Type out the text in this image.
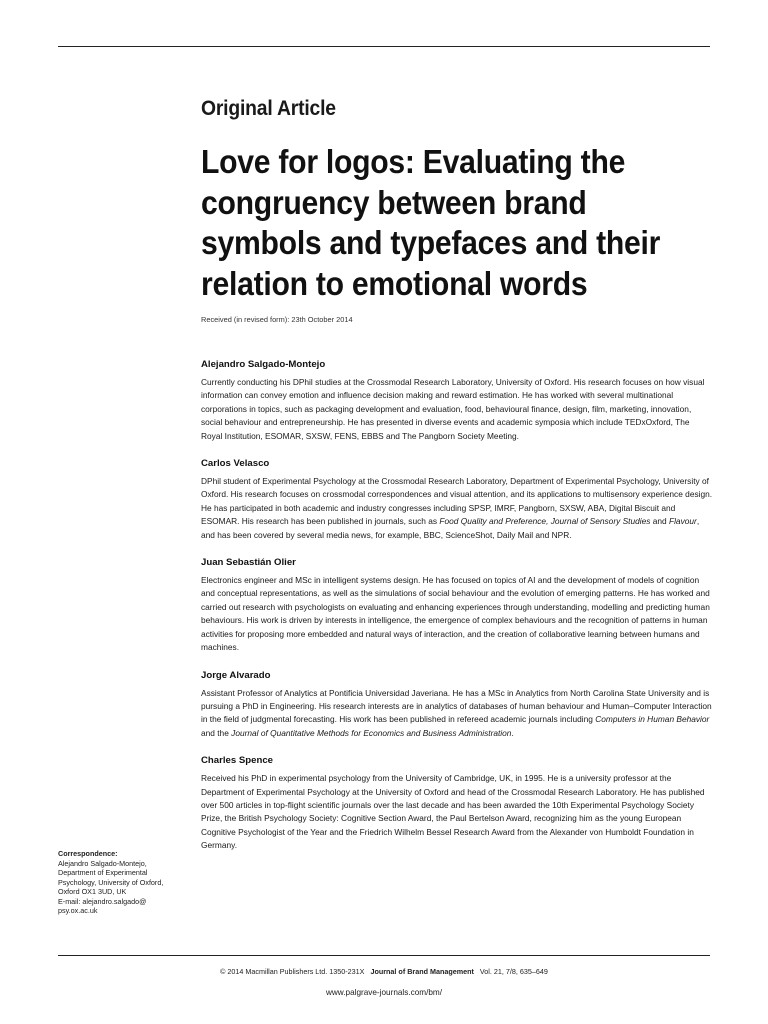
Original Article
Love for logos: Evaluating the congruency between brand symbols and typefaces and their relation to emotional words
Received (in revised form): 23th October 2014
Alejandro Salgado-Montejo

Currently conducting his DPhil studies at the Crossmodal Research Laboratory, University of Oxford. His research focuses on how visual information can convey emotion and influence decision making and reward estimation. He has worked with several multinational corporations in topics, such as packaging development and evaluation, food, behavioural finance, design, film, marketing, innovation, social behaviour and entrepreneurship. He has presented in diverse events and academic symposia which include TEDxOxford, The Royal Institution, ESOMAR, SXSW, FENS, EBBS and The Pangborn Society Meeting.

Carlos Velasco

DPhil student of Experimental Psychology at the Crossmodal Research Laboratory, Department of Experimental Psychology, University of Oxford. His research focuses on crossmodal correspondences and visual attention, and its applications to multisensory experience design. He has participated in both academic and industry congresses including SPSP, IMRF, Pangborn, SXSW, ABA, Digital Biscuit and ESOMAR. His research has been published in journals, such as Food Quality and Preference, Journal of Sensory Studies and Flavour, and has been covered by several media news, for example, BBC, ScienceShot, Daily Mail and NPR.

Juan Sebastián Olier

Electronics engineer and MSc in intelligent systems design. He has focused on topics of AI and the development of models of cognition and conceptual representations, as well as the simulations of social behaviour and the evolution of emerging patterns. He has worked and carried out research with psychologists on evaluating and enhancing experiences through understanding, modelling and predicting human behaviours. His work is driven by interests in intelligence, the emergence of complex behaviours and the recognition of patterns in human activities for proposing more embedded and natural ways of interaction, and the creation of collaborative learning between humans and machines.

Jorge Alvarado

Assistant Professor of Analytics at Pontificia Universidad Javeriana. He has a MSc in Analytics from North Carolina State University and is pursuing a PhD in Engineering. His research interests are in analytics of databases of human behaviour and Human–Computer Interaction in the field of judgmental forecasting. His work has been published in refereed academic journals including Computers in Human Behavior and the Journal of Quantitative Methods for Economics and Business Administration.

Charles Spence

Received his PhD in experimental psychology from the University of Cambridge, UK, in 1995. He is a university professor at the Department of Experimental Psychology at the University of Oxford and head of the Crossmodal Research Laboratory. He has published over 500 articles in top-flight scientific journals over the last decade and has been awarded the 10th Experimental Psychology Society Prize, the British Psychology Society: Cognitive Section Award, the Paul Bertelson Award, recognizing him as the young European Cognitive Psychologist of the Year and the Friedrich Wilhelm Bessel Research Award from the Alexander von Humboldt Foundation in Germany.

Correspondence:
Alejandro Salgado-Montejo,
Department of Experimental
Psychology, University of Oxford,
Oxford OX1 3UD, UK
E-mail: alejandro.salgado@
psy.ox.ac.uk
© 2014 Macmillan Publishers Ltd. 1350-231X Journal of Brand Management Vol. 21, 7/8, 635–649
www.palgrave-journals.com/bm/
